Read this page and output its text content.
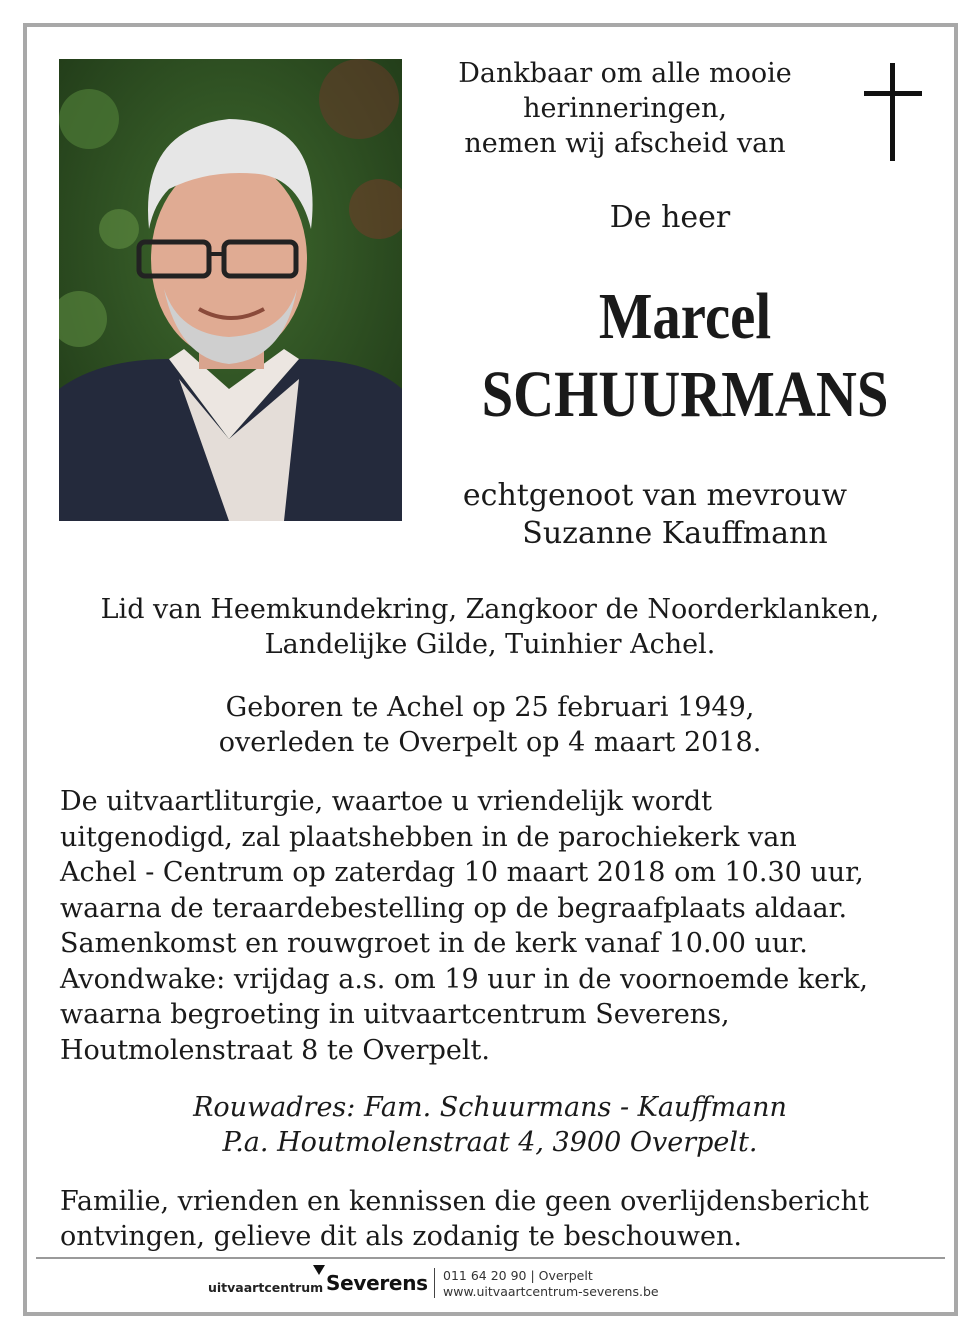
Dankbaar om alle mooie
herinneringen,
nemen wij afscheid van
De heer
Marcel
SCHUURMANS
echtgenoot van mevrouw
Suzanne Kauffmann
Lid van Heemkundekring, Zangkoor de Noorderklanken,
Landelijke Gilde, Tuinhier Achel.
Geboren te Achel op 25 februari 1949,
overleden te Overpelt op 4 maart 2018.
De uitvaartliturgie, waartoe u vriendelijk wordt
uitgenodigd, zal plaatshebben in de parochiekerk van
Achel - Centrum op zaterdag 10 maart 2018 om 10.30 uur,
waarna de teraardebestelling op de begraafplaats aldaar.
Samenkomst en rouwgroet in de kerk vanaf 10.00 uur.
Avondwake: vrijdag a.s. om 19 uur in de voornoemde kerk,
waarna begroeting in uitvaartcentrum Severens,
Houtmolenstraat 8 te Overpelt.
Rouwadres: Fam. Schuurmans - Kauffmann
P.a. Houtmolenstraat 4, 3900 Overpelt.
Familie, vrienden en kennissen die geen overlijdensbericht
ontvingen, gelieve dit als zodanig te beschouwen.
uitvaartcentrum Severens 011 64 20 90 | Overpelt
www.uitvaartcentrum-severens.be
